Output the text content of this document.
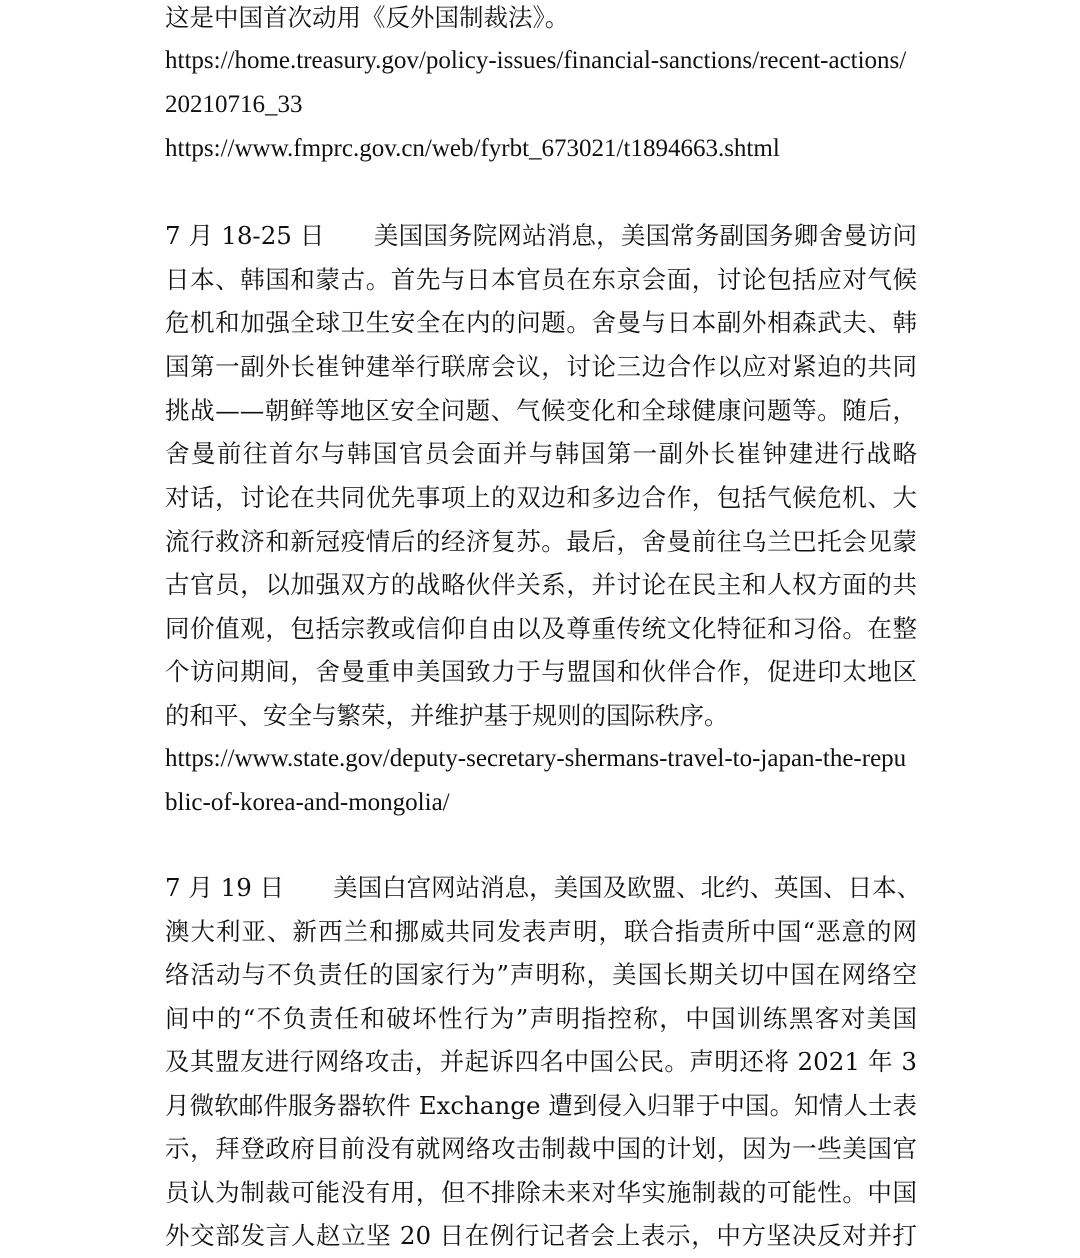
这是中国首次动用《反外国制裁法》。
https://home.treasury.gov/policy-issues/financial-sanctions/recent-actions/
20210716_33
https://www.fmprc.gov.cn/web/fyrbt_673021/t1894663.shtml
7 月 18-25 日　　美国国务院网站消息，美国常务副国务卿舍曼访问
日本、韩国和蒙古。首先与日本官员在东京会面，讨论包括应对气候
危机和加强全球卫生安全在内的问题。舍曼与日本副外相森武夫、韩
国第一副外长崔钟建举行联席会议，讨论三边合作以应对紧迫的共同
挑战——朝鲜等地区安全问题、气候变化和全球健康问题等。随后，
舍曼前往首尔与韩国官员会面并与韩国第一副外长崔钟建进行战略
对话，讨论在共同优先事项上的双边和多边合作，包括气候危机、大
流行救济和新冠疫情后的经济复苏。最后，舍曼前往乌兰巴托会见蒙
古官员，以加强双方的战略伙伴关系，并讨论在民主和人权方面的共
同价值观，包括宗教或信仰自由以及尊重传统文化特征和习俗。在整
个访问期间，舍曼重申美国致力于与盟国和伙伴合作，促进印太地区
的和平、安全与繁荣，并维护基于规则的国际秩序。
https://www.state.gov/deputy-secretary-shermans-travel-to-japan-the-repu
blic-of-korea-and-mongolia/
7 月 19 日　　美国白宫网站消息，美国及欧盟、北约、英国、日本、
澳大利亚、新西兰和挪威共同发表声明，联合指责所中国“恶意的网
络活动与不负责任的国家行为”声明称，美国长期关切中国在网络空
间中的“不负责任和破坏性行为”声明指控称，中国训练黑客对美国
及其盟友进行网络攻击，并起诉四名中国公民。声明还将 2021 年 3
月微软邮件服务器软件 Exchange 遭到侵入归罪于中国。知情人士表
示，拜登政府目前没有就网络攻击制裁中国的计划，因为一些美国官
员认为制裁可能没有用，但不排除未来对华实施制裁的可能性。中国
外交部发言人赵立坚 20 日在例行记者会上表示，中方坚决反对并打
